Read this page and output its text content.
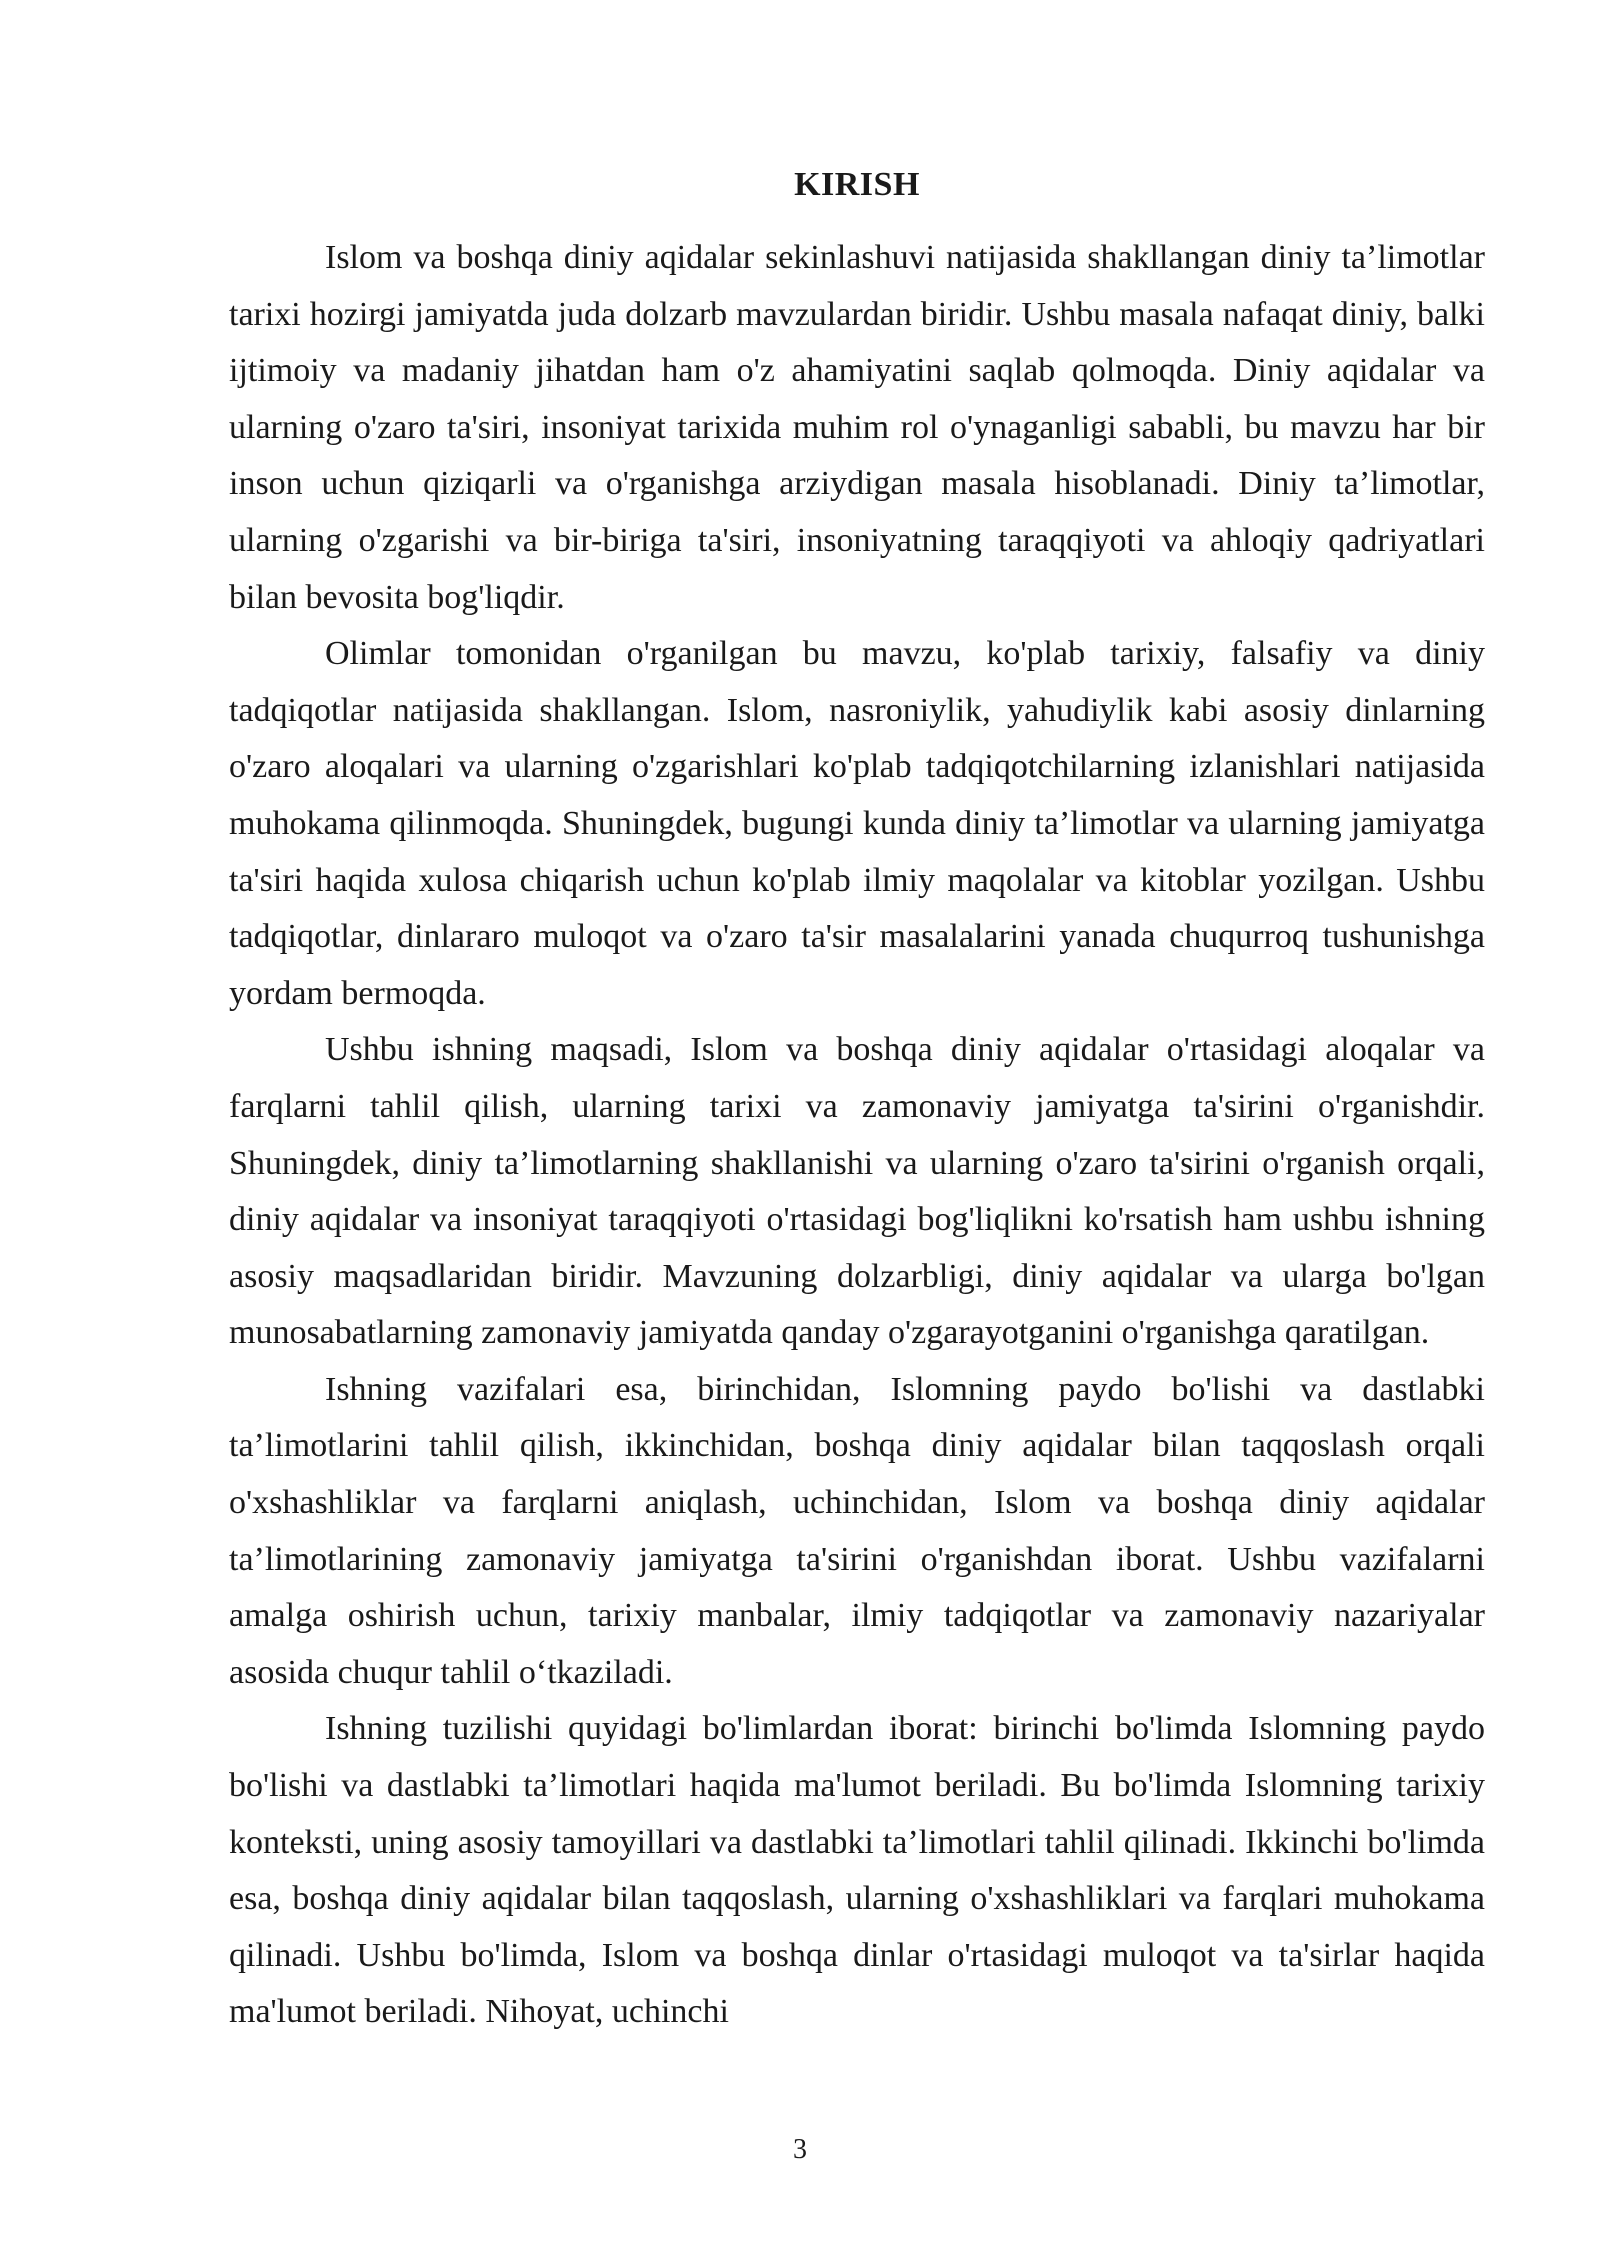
KIRISH

Islom va boshqa diniy aqidalar sekinlashuvi natijasida shakllangan diniy ta’limotlar tarixi hozirgi jamiyatda juda dolzarb mavzulardan biridir. Ushbu masala nafaqat diniy, balki ijtimoiy va madaniy jihatdan ham o'z ahamiyatini saqlab qolmoqda. Diniy aqidalar va ularning o'zaro ta'siri, insoniyat tarixida muhim rol o'ynaganligi sababli, bu mavzu har bir inson uchun qiziqarli va o'rganishga arziydigan masala hisoblanadi. Diniy ta’limotlar, ularning o'zgarishi va bir-biriga ta'siri, insoniyatning taraqqiyoti va ahloqiy qadriyatlari bilan bevosita bog'liqdir.

Olimlar tomonidan o'rganilgan bu mavzu, ko'plab tarixiy, falsafiy va diniy tadqiqotlar natijasida shakllangan. Islom, nasroniylik, yahudiylik kabi asosiy dinlarning o'zaro aloqalari va ularning o'zgarishlari ko'plab tadqiqotchilarning izlanishlari natijasida muhokama qilinmoqda. Shuningdek, bugungi kunda diniy ta’limotlar va ularning jamiyatga ta'siri haqida xulosa chiqarish uchun ko'plab ilmiy maqolalar va kitoblar yozilgan. Ushbu tadqiqotlar, dinlararo muloqot va o'zaro ta'sir masalalarini yanada chuqurroq tushunishga yordam bermoqda.

Ushbu ishning maqsadi, Islom va boshqa diniy aqidalar o'rtasidagi aloqalar va farqlarni tahlil qilish, ularning tarixi va zamonaviy jamiyatga ta'sirini o'rganishdir. Shuningdek, diniy ta’limotlarning shakllanishi va ularning o'zaro ta'sirini o'rganish orqali, diniy aqidalar va insoniyat taraqqiyoti o'rtasidagi bog'liqlikni ko'rsatish ham ushbu ishning asosiy maqsadlaridan biridir. Mavzuning dolzarbligi, diniy aqidalar va ularga bo'lgan munosabatlarning zamonaviy jamiyatda qanday o'zgarayotganini o'rganishga qaratilgan.

Ishning vazifalari esa, birinchidan, Islomning paydo bo'lishi va dastlabki ta’limotlarini tahlil qilish, ikkinchidan, boshqa diniy aqidalar bilan taqqoslash orqali o'xshashliklar va farqlarni aniqlash, uchinchidan, Islom va boshqa diniy aqidalar ta’limotlarining zamonaviy jamiyatga ta'sirini o'rganishdan iborat. Ushbu vazifalarni amalga oshirish uchun, tarixiy manbalar, ilmiy tadqiqotlar va zamonaviy nazariyalar asosida chuqur tahlil o‘tkaziladi.

Ishning tuzilishi quyidagi bo'limlardan iborat: birinchi bo'limda Islomning paydo bo'lishi va dastlabki ta’limotlari haqida ma'lumot beriladi. Bu bo'limda Islomning tarixiy konteksti, uning asosiy tamoyillari va dastlabki ta’limotlari tahlil qilinadi. Ikkinchi bo'limda esa, boshqa diniy aqidalar bilan taqqoslash, ularning o'xshashliklari va farqlari muhokama qilinadi. Ushbu bo'limda, Islom va boshqa dinlar o'rtasidagi muloqot va ta'sirlar haqida ma'lumot beriladi. Nihoyat, uchinchi

3
